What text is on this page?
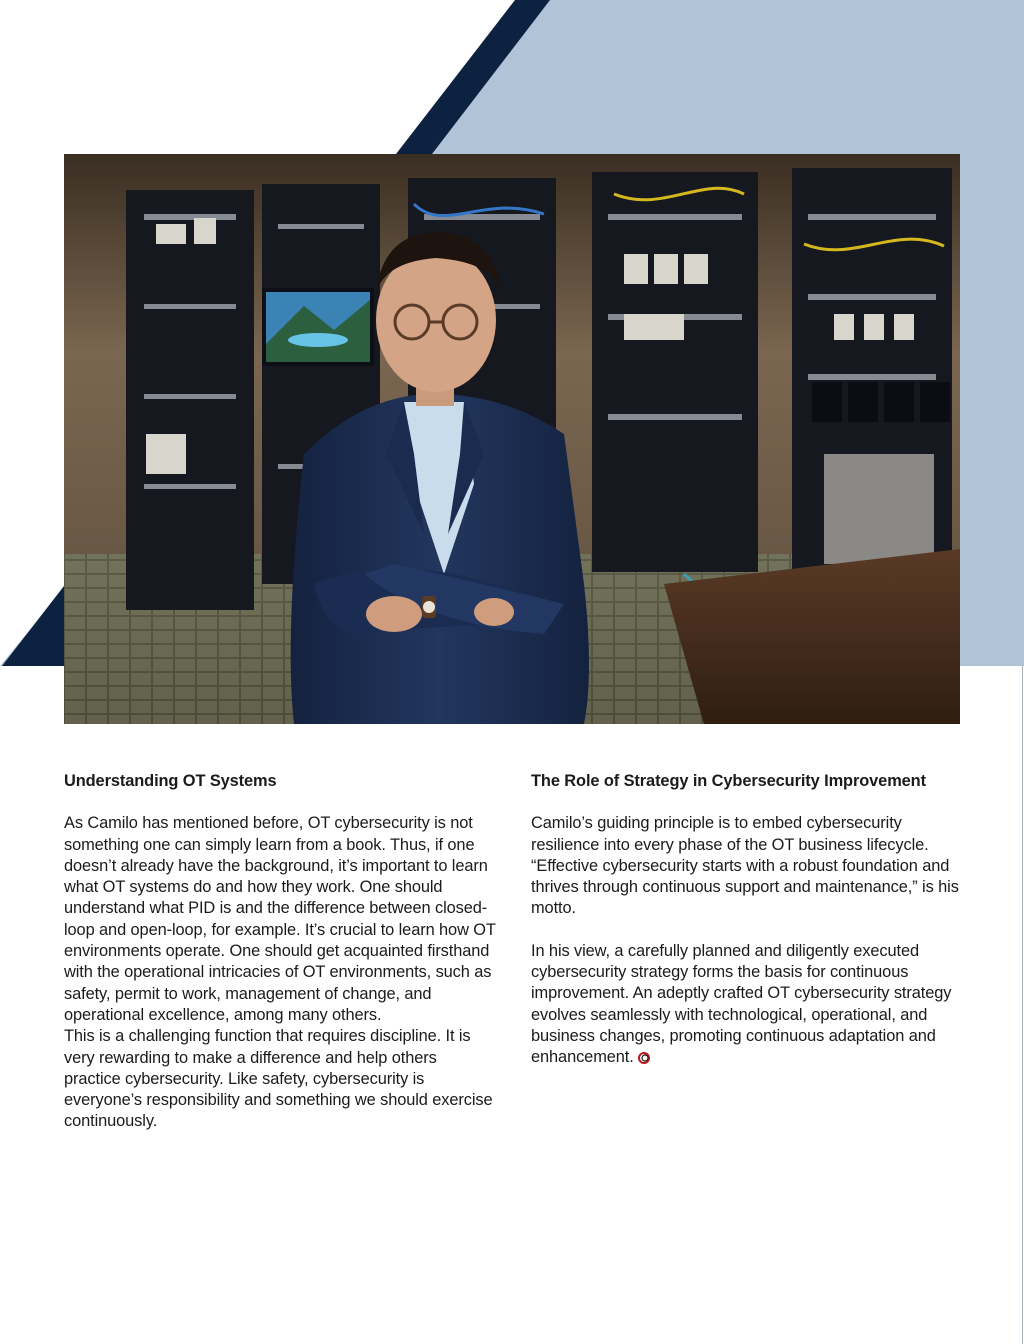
Understanding OT Systems

As Camilo has mentioned before, OT cybersecurity is not something one can simply learn from a book. Thus, if one doesn’t already have the background, it’s important to learn what OT systems do and how they work. One should understand what PID is and the difference between closed-loop and open-loop, for example. It’s crucial to learn how OT environments operate. One should get acquainted firsthand with the operational intricacies of OT environments, such as safety, permit to work, management of change, and operational excellence, among many others.

This is a challenging function that requires discipline. It is very rewarding to make a difference and help others practice cybersecurity. Like safety, cybersecurity is everyone’s responsibility and something we should exercise continuously.

The Role of Strategy in Cybersecurity Improvement

Camilo’s guiding principle is to embed cybersecurity resilience into every phase of the OT business lifecycle. “Effective cybersecurity starts with a robust foundation and thrives through continuous support and maintenance,” is his motto.

In his view, a carefully planned and diligently executed cybersecurity strategy forms the basis for continuous improvement. An adeptly crafted OT cybersecurity strategy evolves seamlessly with technological, operational, and business changes, promoting continuous adaptation and enhancement.
